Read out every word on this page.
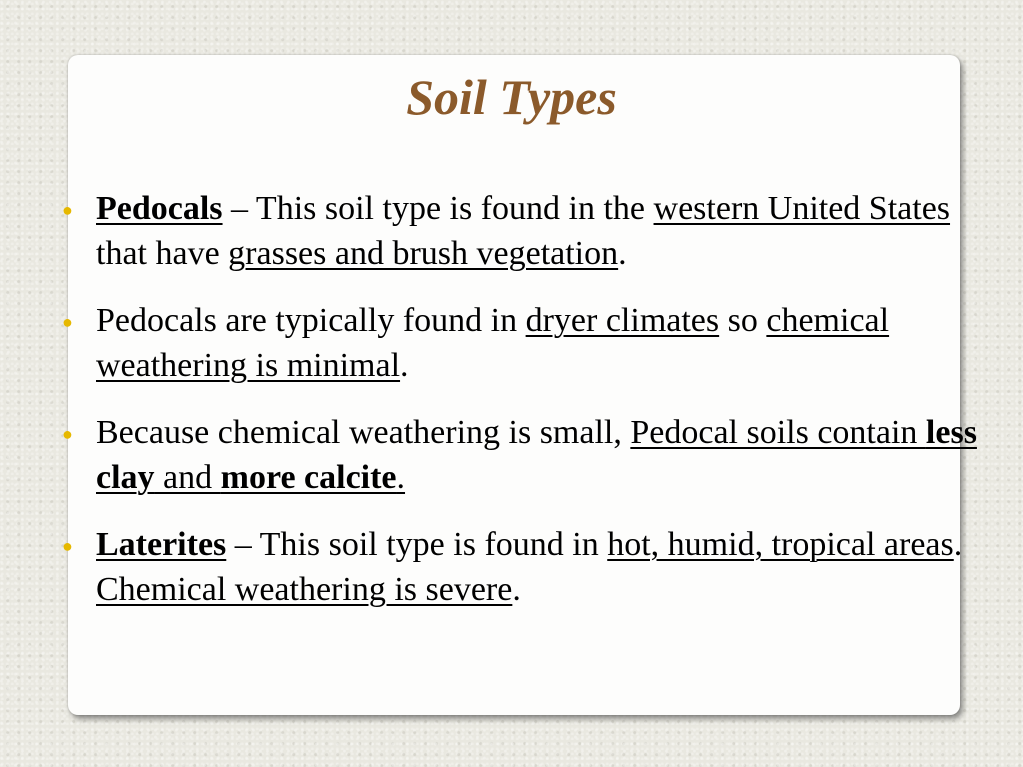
Soil Types
● Pedocals – This soil type is found in the western United States that have grasses and brush vegetation.
● Pedocals are typically found in dryer climates so chemical weathering is minimal.
● Because chemical weathering is small, Pedocal soils contain less clay and more calcite.
● Laterites – This soil type is found in hot, humid, tropical areas. Chemical weathering is severe.
